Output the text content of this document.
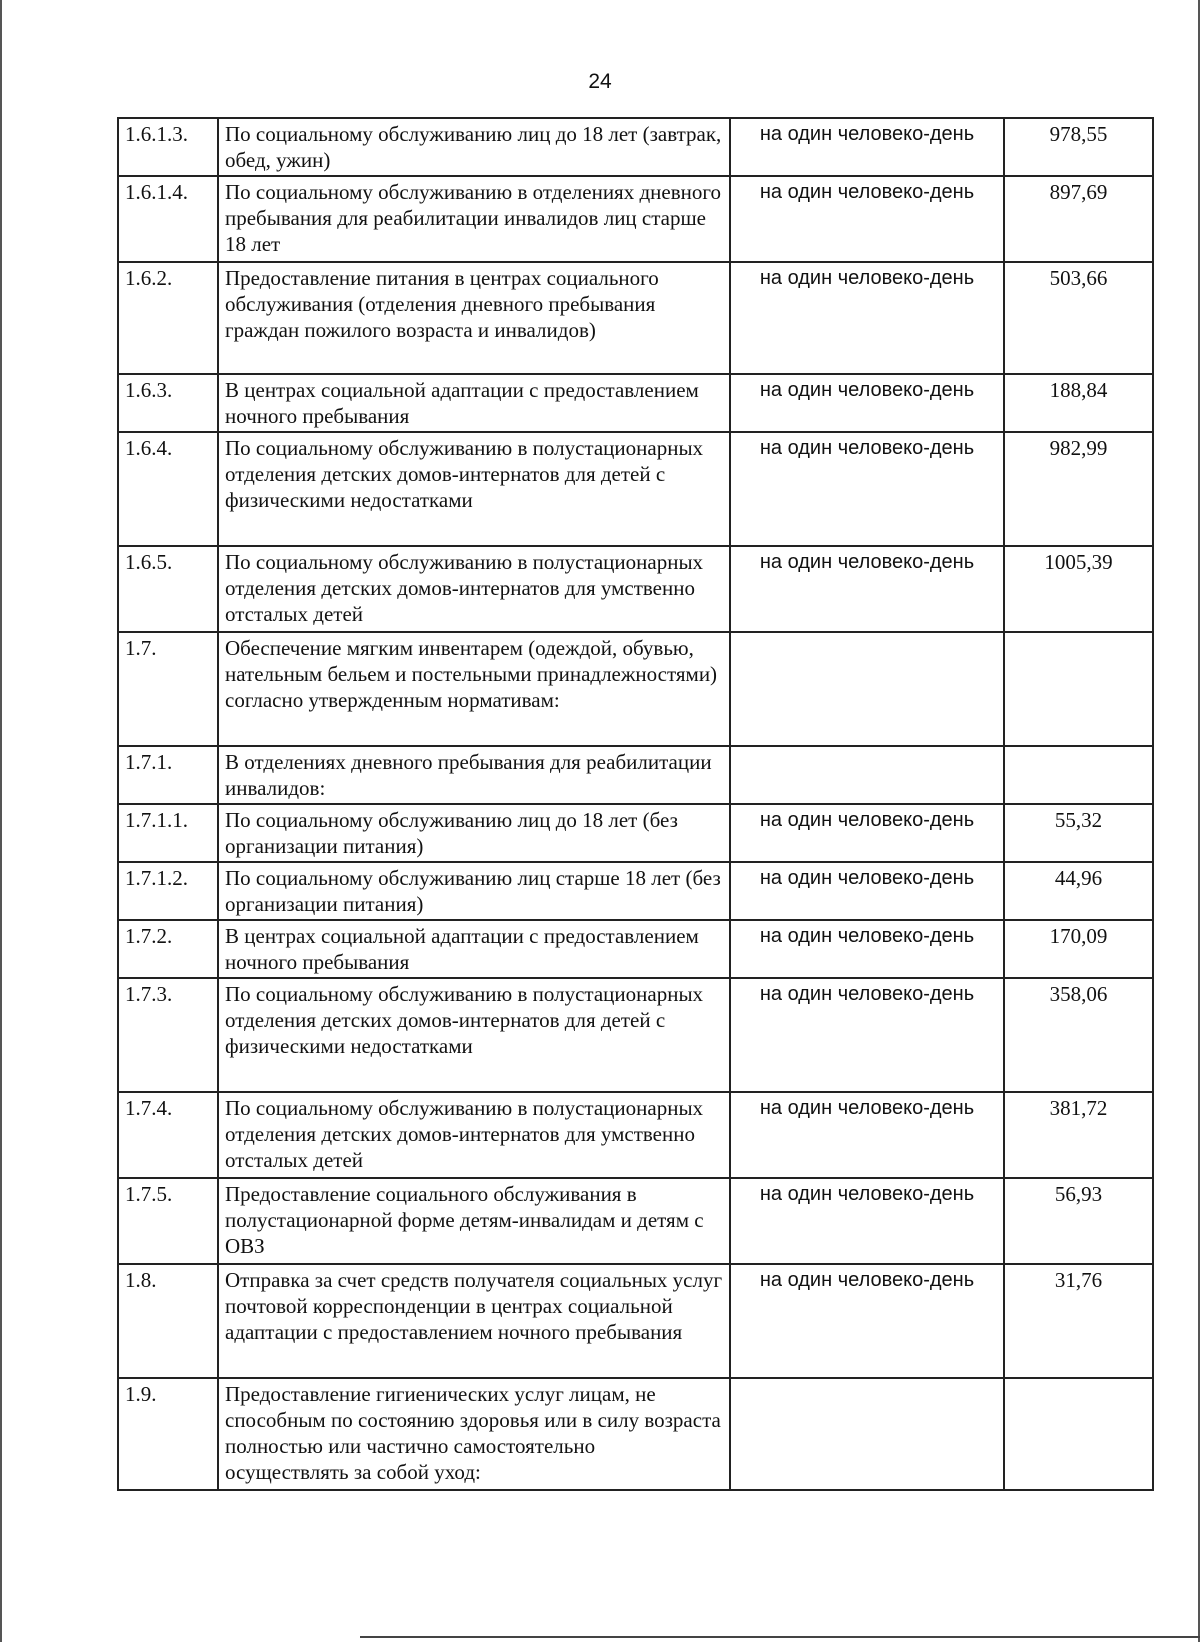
24
1.6.1.3.	По социальному обслуживанию лиц до 18 лет (завтрак, обед, ужин)	на один человеко-день	978,55
1.6.1.4.	По социальному обслуживанию в отделениях дневного пребывания для реабилитации инвалидов лиц старше 18 лет	на один человеко-день	897,69
1.6.2.	Предоставление питания в центрах социального обслуживания (отделения дневного пребывания граждан пожилого возраста и инвалидов)	на один человеко-день	503,66
1.6.3.	В центрах социальной адаптации с предоставлением ночного пребывания	на один человеко-день	188,84
1.6.4.	По социальному обслуживанию в полустационарных отделения детских домов-интернатов для детей с физическими недостатками	на один человеко-день	982,99
1.6.5.	По социальному обслуживанию в полустационарных отделения детских домов-интернатов для умственно отсталых детей	на один человеко-день	1005,39
1.7.	Обеспечение мягким инвентарем (одеждой, обувью, нательным бельем и постельными принадлежностями) согласно утвержденным нормативам:		
1.7.1.	В отделениях дневного пребывания для реабилитации инвалидов:		
1.7.1.1.	По социальному обслуживанию лиц до 18 лет (без организации питания)	на один человеко-день	55,32
1.7.1.2.	По социальному обслуживанию лиц старше 18 лет (без организации питания)	на один человеко-день	44,96
1.7.2.	В центрах социальной адаптации с предоставлением ночного пребывания	на один человеко-день	170,09
1.7.3.	По социальному обслуживанию в полустационарных отделения детских домов-интернатов для детей с физическими недостатками	на один человеко-день	358,06
1.7.4.	По социальному обслуживанию в полустационарных отделения детских домов-интернатов для умственно отсталых детей	на один человеко-день	381,72
1.7.5.	Предоставление социального обслуживания в полустационарной форме детям-инвалидам и детям с ОВЗ	на один человеко-день	56,93
1.8.	Отправка за счет средств получателя социальных услуг почтовой корреспонденции в центрах социальной адаптации с предоставлением ночного пребывания	на один человеко-день	31,76
1.9.	Предоставление гигиенических услуг лицам, не способным по состоянию здоровья или в силу возраста полностью или частично самостоятельно осуществлять за собой уход:		
